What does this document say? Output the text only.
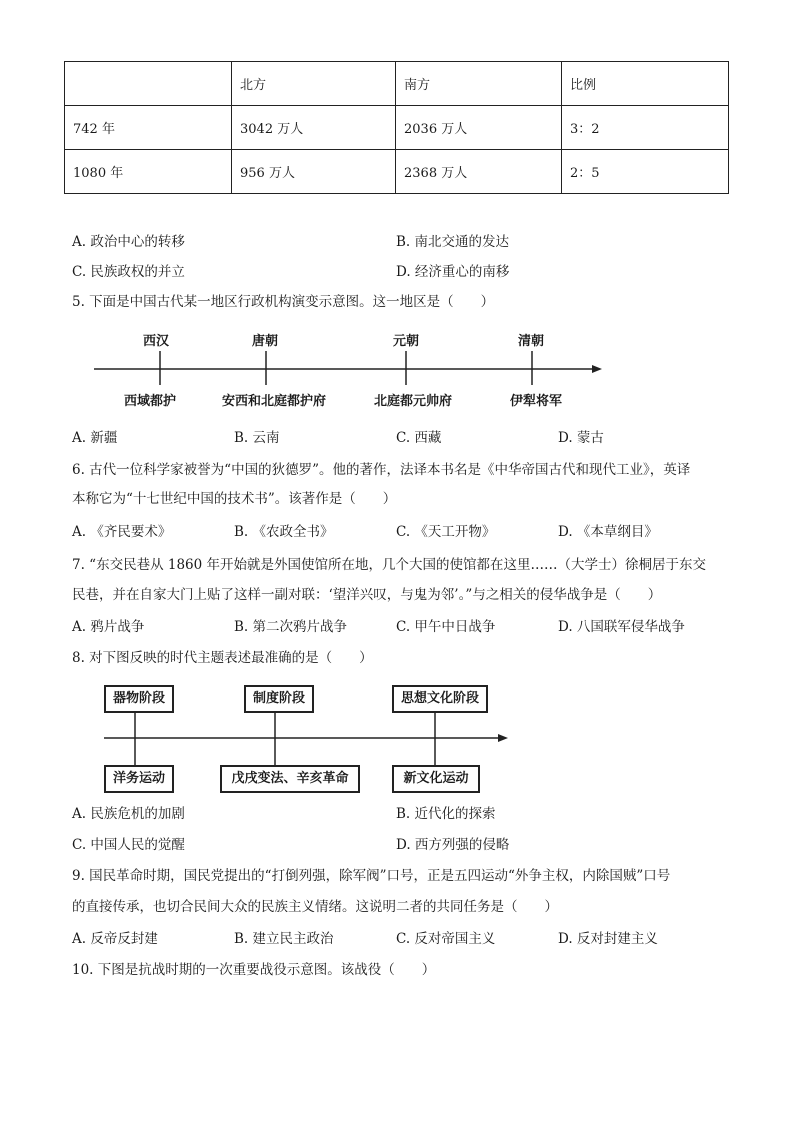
	北方	南方	比例
742 年	3042 万人	2036 万人	3：2
1080 年	956 万人	2368 万人	2：5
A. 政治中心的转移	B. 南北交通的发达
C. 民族政权的并立	D. 经济重心的南移
5. 下面是中国古代某一地区行政机构演变示意图。这一地区是（　　）
西汉	唐朝	元朝	清朝
西域都护	安西和北庭都护府	北庭都元帅府	伊犁将军
A. 新疆	B. 云南	C. 西藏	D. 蒙古
6. 古代一位科学家被誉为“中国的狄德罗”。他的著作，法译本书名是《中华帝国古代和现代工业》，英译
本称它为“十七世纪中国的技术书”。该著作是（　　）
A. 《齐民要术》	B. 《农政全书》	C. 《天工开物》	D. 《本草纲目》
7. “东交民巷从 1860 年开始就是外国使馆所在地，几个大国的使馆都在这里……（大学士）徐桐居于东交
民巷，并在自家大门上贴了这样一副对联：‘望洋兴叹，与鬼为邻’。”与之相关的侵华战争是（　　）
A. 鸦片战争	B. 第二次鸦片战争	C. 甲午中日战争	D. 八国联军侵华战争
8. 对下图反映的时代主题表述最准确的是（　　）
器物阶段	制度阶段	思想文化阶段
洋务运动	戊戌变法、辛亥革命	新文化运动
A. 民族危机的加剧	B. 近代化的探索
C. 中国人民的觉醒	D. 西方列强的侵略
9. 国民革命时期，国民党提出的“打倒列强，除军阀”口号，正是五四运动“外争主权，内除国贼”口号
的直接传承，也切合民间大众的民族主义情绪。这说明二者的共同任务是（　　）
A. 反帝反封建	B. 建立民主政治	C. 反对帝国主义	D. 反对封建主义
10. 下图是抗战时期的一次重要战役示意图。该战役（　　）
